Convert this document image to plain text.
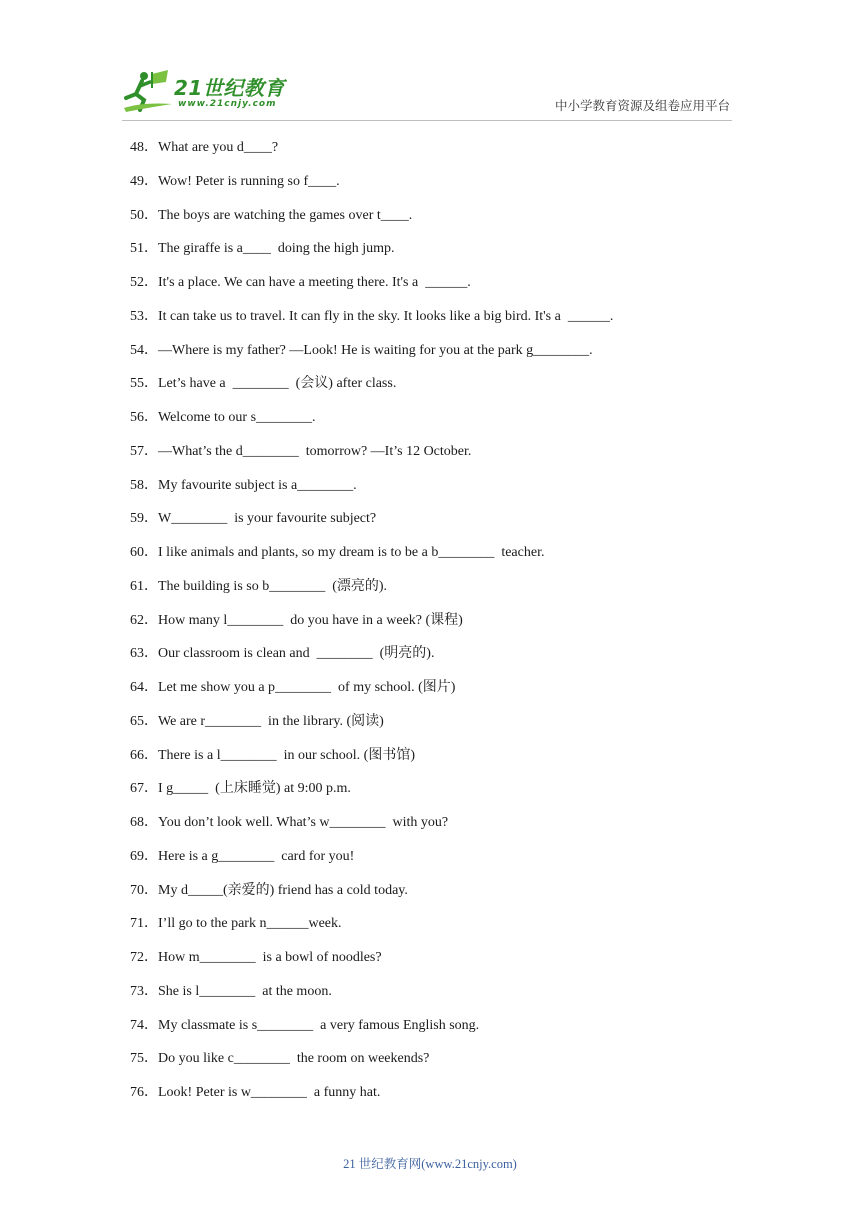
21世纪教育
www.21cnjy.com	中小学教育资源及组卷应用平台
48．What are you d____?
49．Wow! Peter is running so f____.
50．The boys are watching the games over t____.
51．The giraffe is a____  doing the high jump.
52．It's a place. We can have a meeting there. It's a  ______.
53．It can take us to travel. It can fly in the sky. It looks like a big bird. It's a  ______.
54．—Where is my father? —Look! He is waiting for you at the park g________.
55．Let’s have a  ________  (会议) after class.
56．Welcome to our s________.
57．—What’s the d________  tomorrow? —It’s 12 October.
58．My favourite subject is a________.
59．W________  is your favourite subject?
60．I like animals and plants, so my dream is to be a b________  teacher.
61．The building is so b________  (漂亮的).
62．How many l________  do you have in a week? (课程)
63．Our classroom is clean and  ________  (明亮的).
64．Let me show you a p________  of my school. (图片)
65．We are r________  in the library. (阅读)
66．There is a l________  in our school. (图书馆)
67．I g_____  (上床睡觉) at 9:00 p.m.
68．You don’t look well. What’s w________  with you?
69．Here is a g________  card for you!
70．My d_____(亲爱的) friend has a cold today.
71．I’ll go to the park n______week.
72．How m________  is a bowl of noodles?
73．She is l________  at the moon.
74．My classmate is s________  a very famous English song.
75．Do you like c________  the room on weekends?
76．Look! Peter is w________  a funny hat.
21 世纪教育网(www.21cnjy.com)
